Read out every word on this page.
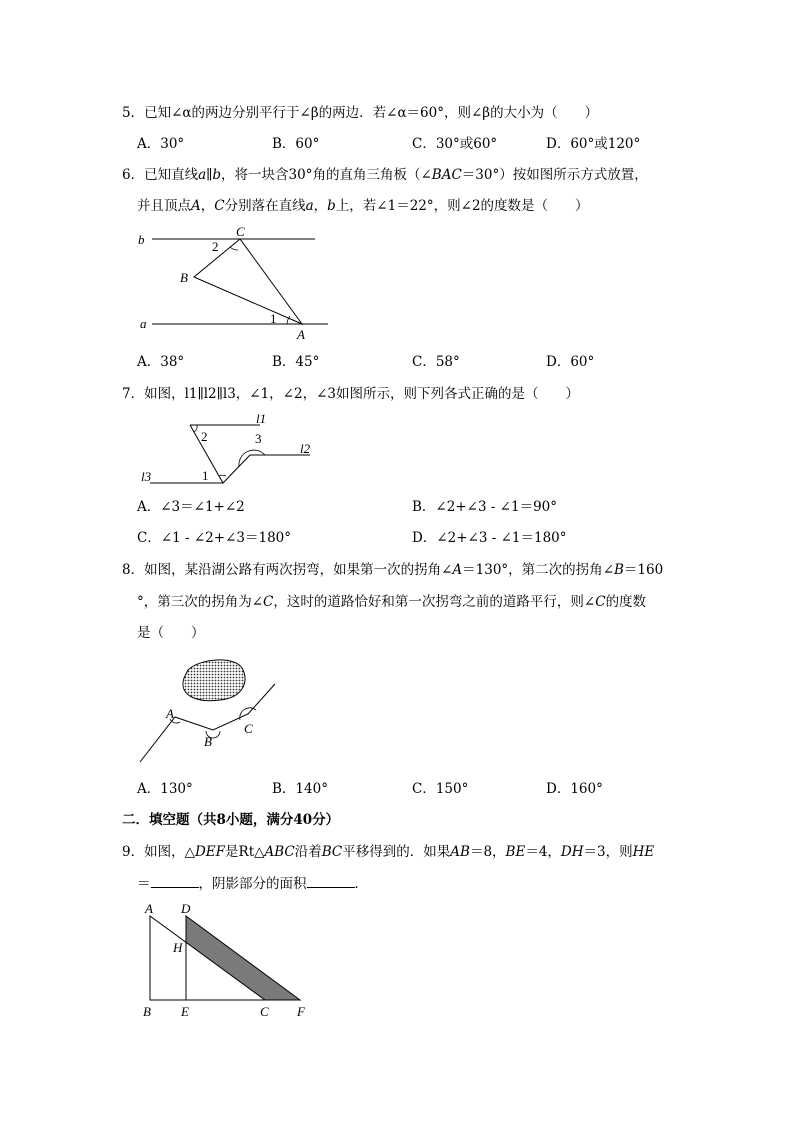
5．已知∠α的两边分别平行于∠β的两边．若∠α＝60°，则∠β的大小为（　　）
A．30°	B．60°	C．30°或60°	D．60°或120°
6．已知直线a∥b，将一块含30°角的直角三角板（∠BAC＝30°）按如图所示方式放置，
并且顶点A，C分别落在直线a，b上，若∠1＝22°，则∠2的度数是（　　）
b
a
C
B
A
2
1
A．38°	B．45°	C．58°	D．60°
7．如图，l1∥l2∥l3，∠1，∠2，∠3如图所示，则下列各式正确的是（　　）
l1
l2
l3
2	3
1
A．∠3＝∠1+∠2	B．∠2+∠3 - ∠1＝90°
C．∠1 - ∠2+∠3＝180°	D．∠2+∠3 - ∠1＝180°
8．如图，某沿湖公路有两次拐弯，如果第一次的拐角∠A＝130°，第二次的拐角∠B＝160
°，第三次的拐角为∠C，这时的道路恰好和第一次拐弯之前的道路平行，则∠C的度数
是（　　）
A
B
C
A．130°	B．140°	C．150°	D．160°
二．填空题（共8小题，满分40分）
9．如图，△DEF是Rt△ABC沿着BC平移得到的．如果AB＝8，BE＝4，DH＝3，则HE
＝	，阴影部分的面积	．
A D
H
B E	C F
